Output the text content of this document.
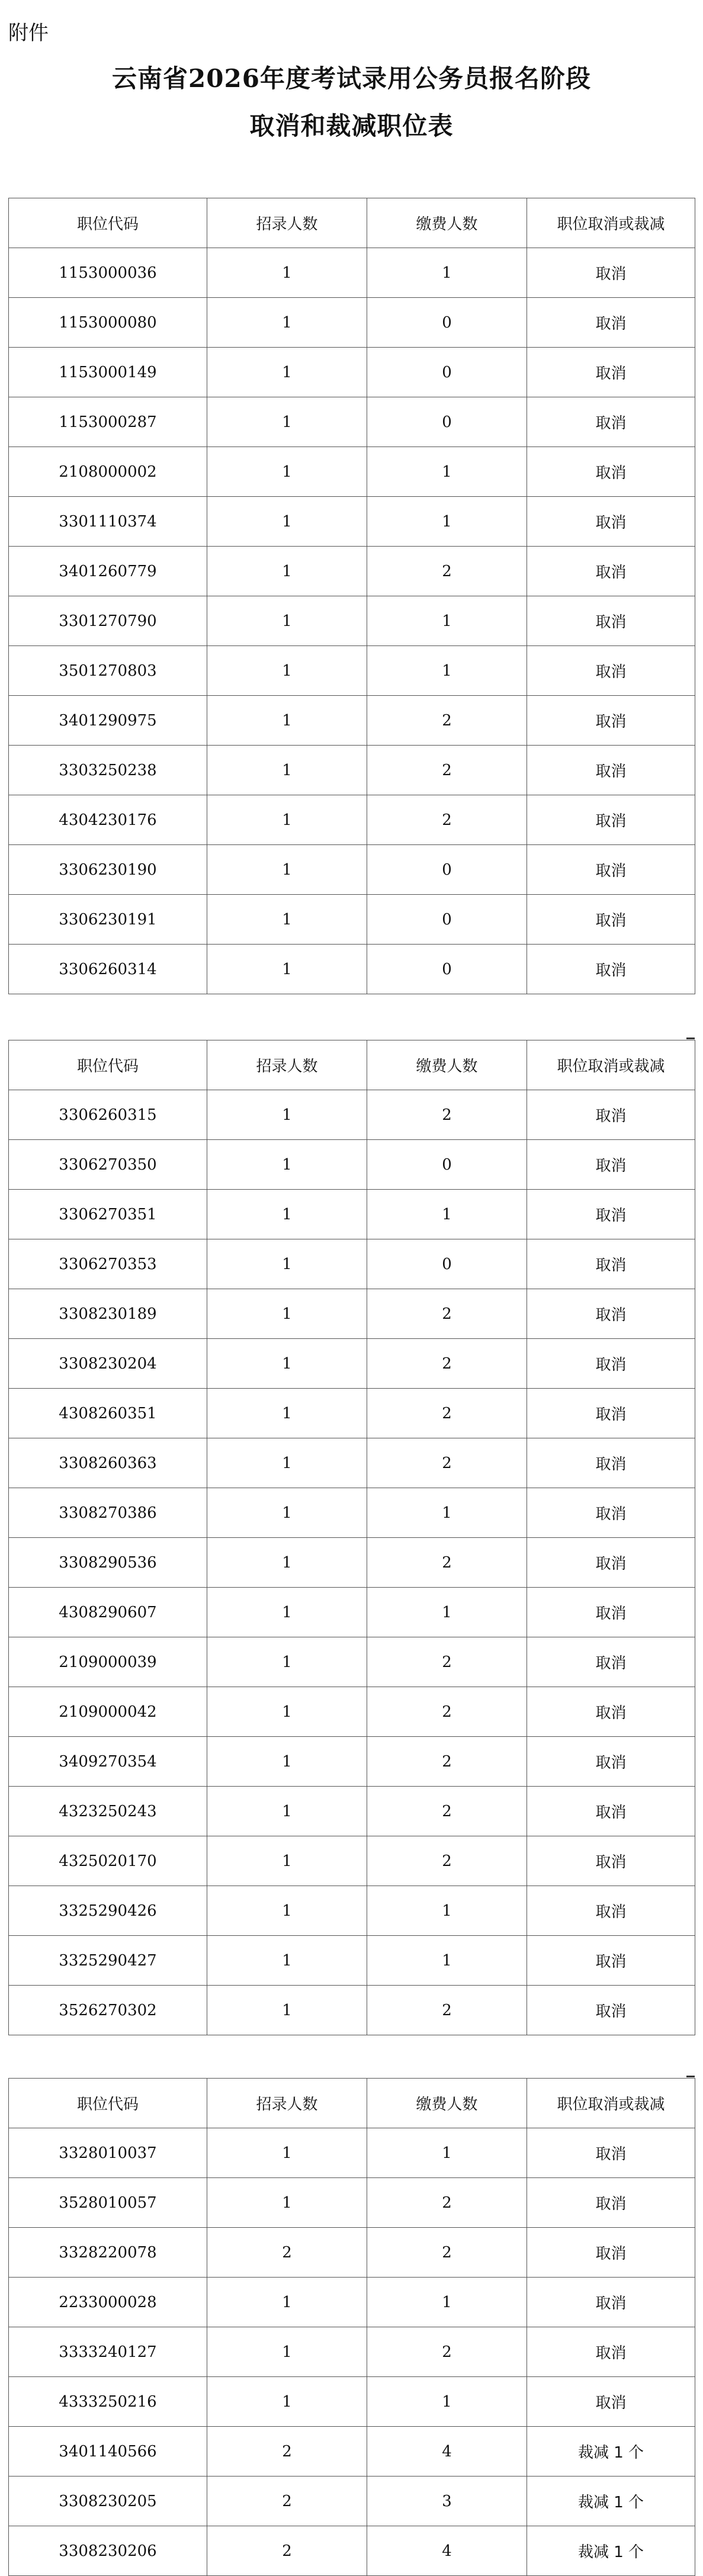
附件
云南省2026年度考试录用公务员报名阶段
取消和裁减职位表
职位代码	招录人数	缴费人数	职位取消或裁减
1153000036	1	1	取消
1153000080	1	0	取消
1153000149	1	0	取消
1153000287	1	0	取消
2108000002	1	1	取消
3301110374	1	1	取消
3401260779	1	2	取消
3301270790	1	1	取消
3501270803	1	1	取消
3401290975	1	2	取消
3303250238	1	2	取消
4304230176	1	2	取消
3306230190	1	0	取消
3306230191	1	0	取消
3306260314	1	0	取消
职位代码	招录人数	缴费人数	职位取消或裁减
3306260315	1	2	取消
3306270350	1	0	取消
3306270351	1	1	取消
3306270353	1	0	取消
3308230189	1	2	取消
3308230204	1	2	取消
4308260351	1	2	取消
3308260363	1	2	取消
3308270386	1	1	取消
3308290536	1	2	取消
4308290607	1	1	取消
2109000039	1	2	取消
2109000042	1	2	取消
3409270354	1	2	取消
4323250243	1	2	取消
4325020170	1	2	取消
3325290426	1	1	取消
3325290427	1	1	取消
3526270302	1	2	取消
职位代码	招录人数	缴费人数	职位取消或裁减
3328010037	1	1	取消
3528010057	1	2	取消
3328220078	2	2	取消
2233000028	1	1	取消
3333240127	1	2	取消
4333250216	1	1	取消
3401140566	2	4	裁减 1 个
3308230205	2	3	裁减 1 个
3308230206	2	4	裁减 1 个
